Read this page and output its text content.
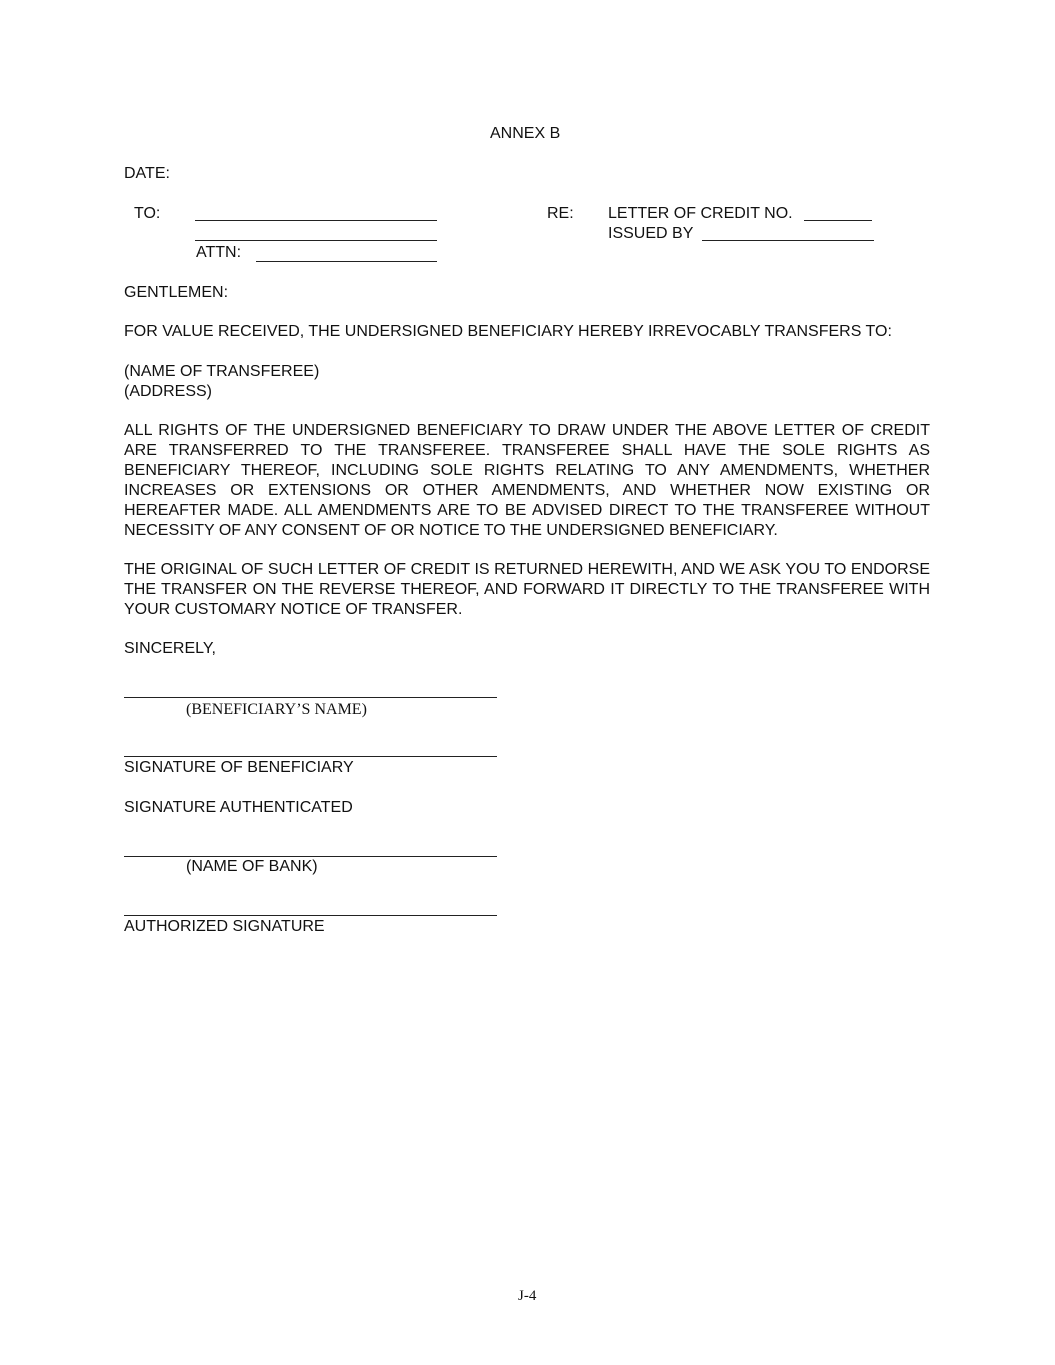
ANNEX B
DATE:
TO:
ATTN:
RE: LETTER OF CREDIT NO.
ISSUED BY
GENTLEMEN:
FOR VALUE RECEIVED, THE UNDERSIGNED BENEFICIARY HEREBY IRREVOCABLY TRANSFERS TO:
(NAME OF TRANSFEREE)
(ADDRESS)
ALL RIGHTS OF THE UNDERSIGNED BENEFICIARY TO DRAW UNDER THE ABOVE LETTER OF CREDIT ARE TRANSFERRED TO THE TRANSFEREE. TRANSFEREE SHALL HAVE THE SOLE RIGHTS AS BENEFICIARY THEREOF, INCLUDING SOLE RIGHTS RELATING TO ANY AMENDMENTS, WHETHER INCREASES OR EXTENSIONS OR OTHER AMENDMENTS, AND WHETHER NOW EXISTING OR HEREAFTER MADE. ALL AMENDMENTS ARE TO BE ADVISED DIRECT TO THE TRANSFEREE WITHOUT NECESSITY OF ANY CONSENT OF OR NOTICE TO THE UNDERSIGNED BENEFICIARY.
THE ORIGINAL OF SUCH LETTER OF CREDIT IS RETURNED HEREWITH, AND WE ASK YOU TO ENDORSE THE TRANSFER ON THE REVERSE THEREOF, AND FORWARD IT DIRECTLY TO THE TRANSFEREE WITH YOUR CUSTOMARY NOTICE OF TRANSFER.
SINCERELY,
(BENEFICIARY’S NAME)
SIGNATURE OF BENEFICIARY
SIGNATURE AUTHENTICATED
(NAME OF BANK)
AUTHORIZED SIGNATURE
J-4
